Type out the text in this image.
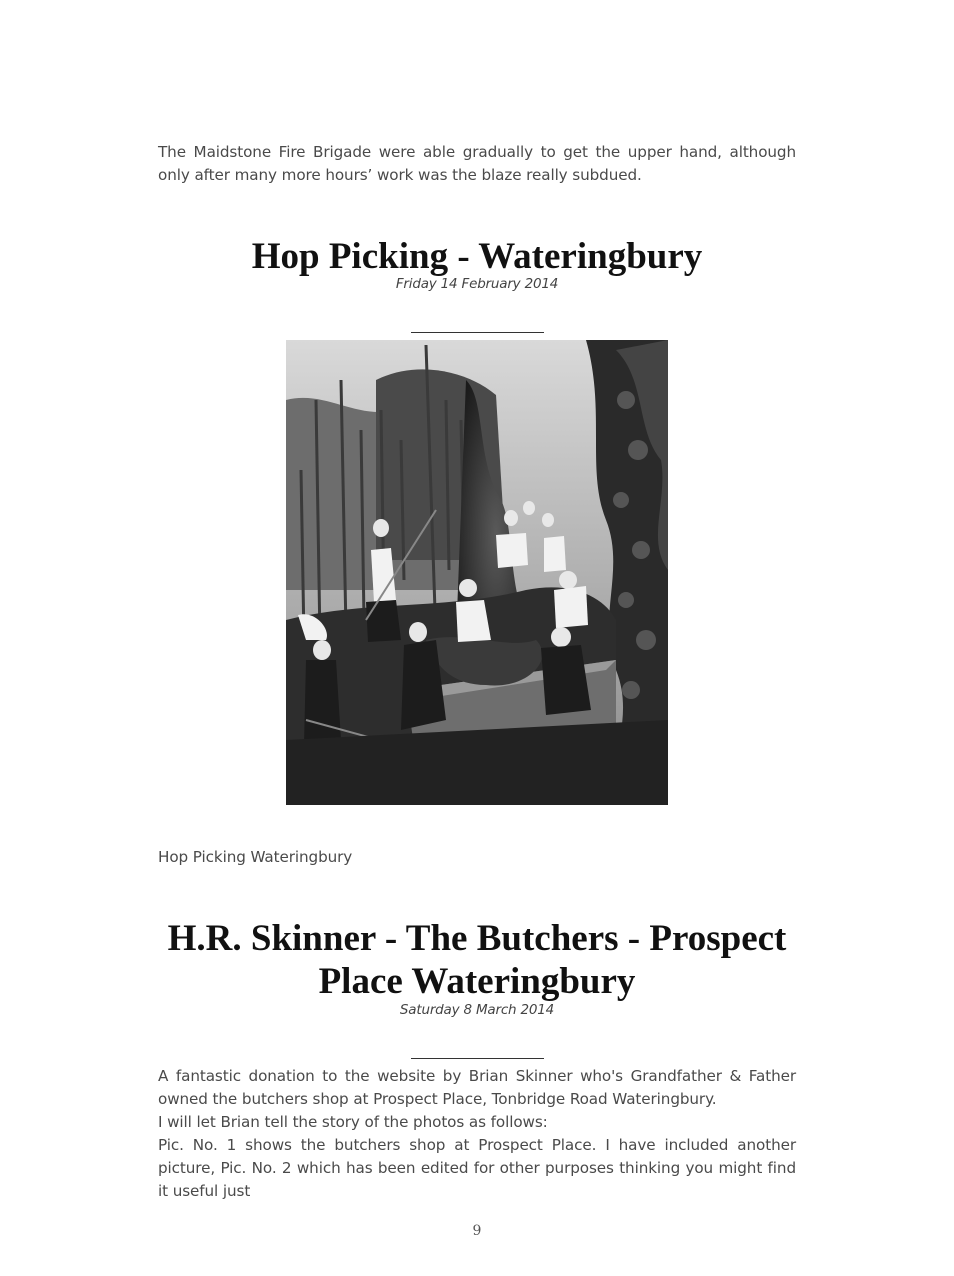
The Maidstone Fire Brigade were able gradually to get the upper hand, although only after many more hours’ work was the blaze really subdued.

Hop Picking - Wateringbury
Friday 14 February 2014
Hop Picking Wateringbury
H.R. Skinner - The Butchers - Prospect Place Wateringbury
Saturday 8 March 2014

A fantastic donation to the website by Brian Skinner who's Grandfather & Father owned the butchers shop at Prospect Place, Tonbridge Road Wateringbury.

I will let Brian tell the story of the photos as follows:

Pic. No. 1 shows the butchers shop at Prospect Place. I have included another picture, Pic. No. 2 which has been edited for other purposes thinking you might find it useful just

9
